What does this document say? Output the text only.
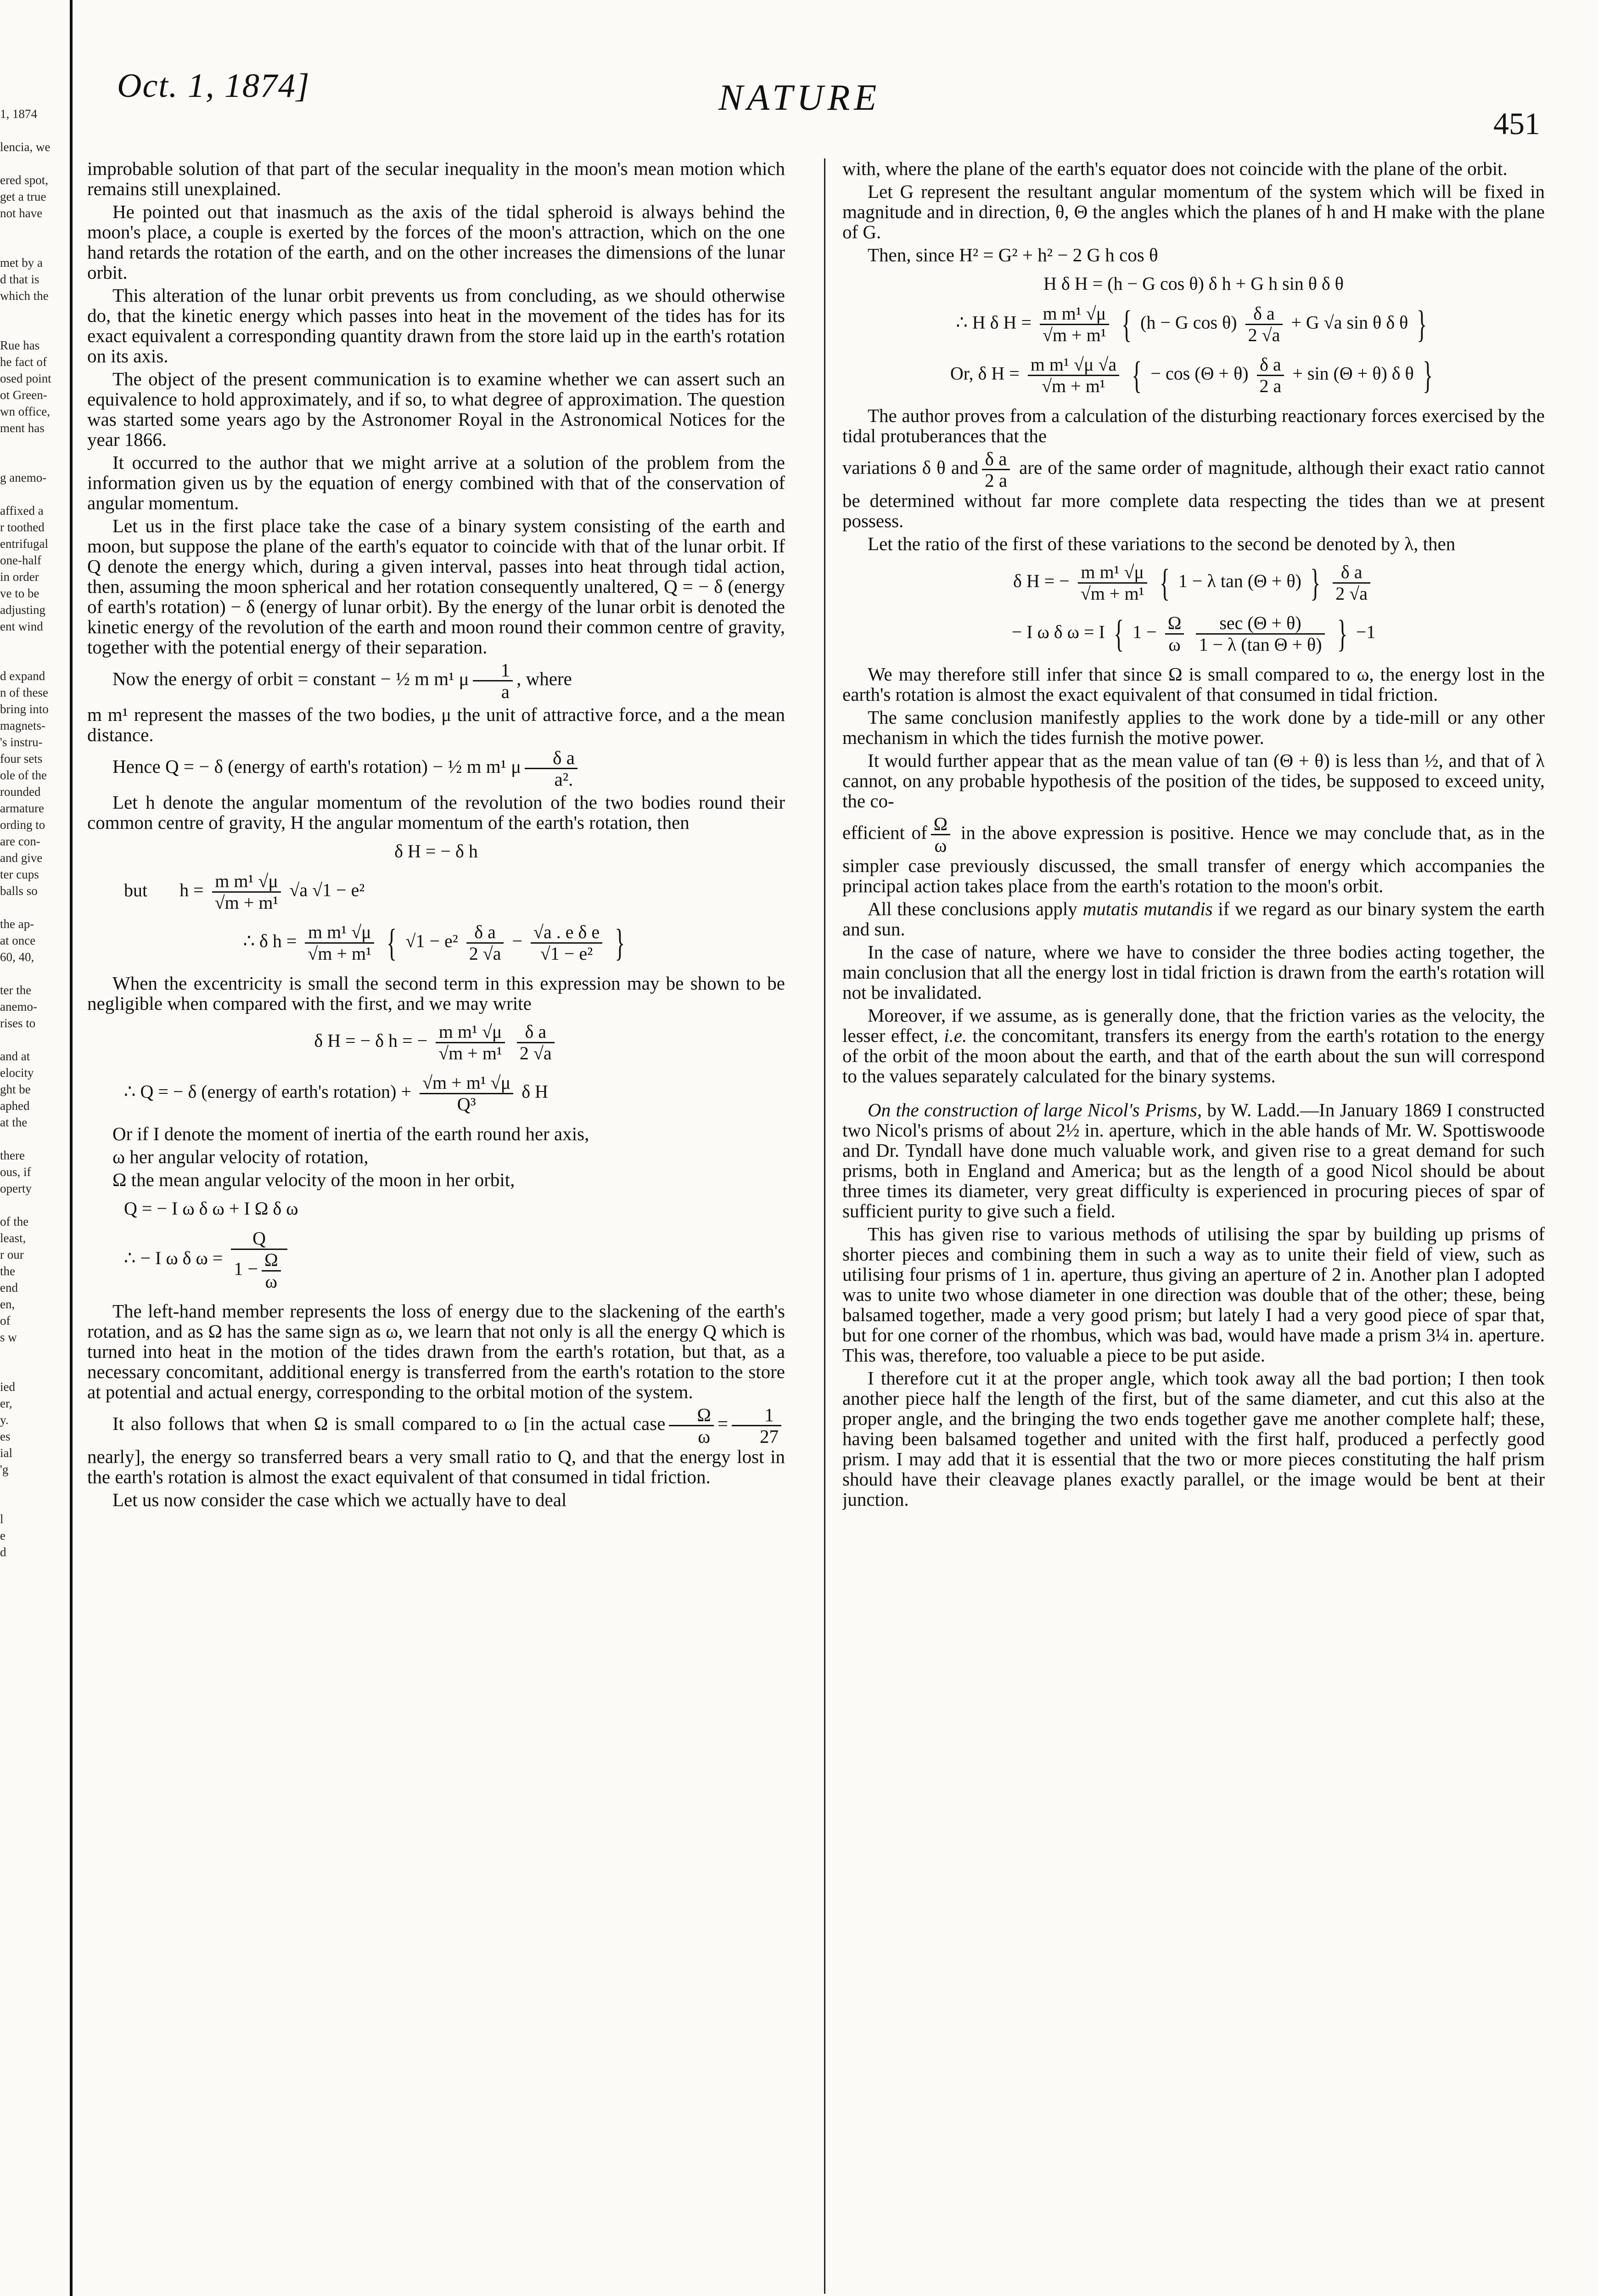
1, 1874
lencia, we
ered spot,
get a true
not have
met by a
d that is
which the
Rue has
he fact of
osed point
ot Green-
wn office,
ment has
g anemo-
affixed a
r toothed
entrifugal
one-half
in order
ve to be
adjusting
ent wind
d expand
n of these
bring into
magnets-
's instru-
four sets
ole of the
rounded
armature
ording to
are con-
and give
ter cups
balls so
the ap-
at once
60, 40,
ter the
anemo-
rises to
and at
elocity
ght be
aphed
at the
there
ous, if
operty
of the
least,
r our
the
end
en,
of
s w
ied
er,
y.
es
ial
'g
l
e
d
Oct. 1, 1874]	NATURE
451

improbable solution of that part of the secular inequality in the moon's mean motion which remains still unexplained.

He pointed out that inasmuch as the axis of the tidal spheroid is always behind the moon's place, a couple is exerted by the forces of the moon's attraction, which on the one hand retards the rotation of the earth, and on the other increases the dimensions of the lunar orbit.

This alteration of the lunar orbit prevents us from concluding, as we should otherwise do, that the kinetic energy which passes into heat in the movement of the tides has for its exact equivalent a corresponding quantity drawn from the store laid up in the earth's rotation on its axis.

The object of the present communication is to examine whether we can assert such an equivalence to hold approximately, and if so, to what degree of approximation. The question was started some years ago by the Astronomer Royal in the Astronomical Notices for the year 1866.

It occurred to the author that we might arrive at a solution of the problem from the information given us by the equation of energy combined with that of the conservation of angular momentum.

Let us in the first place take the case of a binary system consisting of the earth and moon, but suppose the plane of the earth's equator to coincide with that of the lunar orbit. If Q denote the energy which, during a given interval, passes into heat through tidal action, then, assuming the moon spherical and her rotation consequently unaltered, Q = − δ (energy of earth's rotation) − δ (energy of lunar orbit). By the energy of the lunar orbit is denoted the kinetic energy of the revolution of the earth and moon round their common centre of gravity, together with the potential energy of their separation.

Now the energy of orbit = constant − ½ m m¹ μ $\frac{1}{a}$ , where

m m¹ represent the masses of the two bodies, μ the unit of attractive force, and a the mean distance.

Hence Q = − δ (energy of earth's rotation) − ½ m m¹ μ $\frac{\text{δ a}}{\text{a².}}$

Let h denote the angular momentum of the revolution of the two bodies round their common centre of gravity, H the angular momentum of the earth's rotation, then

δ H = − δ h
but $h = \frac{\text{m m¹ √μ}}{\text{√m + m¹}} √a$ √1 − e²
∴ δ $h = \frac{\text{m m¹ √μ}}{\text{√m + m¹}}$ { $√1 - e^2 \frac{\text{δ a}}{2 √a} - \frac{\text{√a . e δ e}}{\text{√1 − e²}}$ }

When the excentricity is small the second term in this expression may be shown to be negligible when compared with the first, and we may write

δ H = − δ h = − $\frac{\text{m m¹ √μ}}{\text{√m + m¹}}$
$\frac{\text{δ a}}{2 √a}$
∴ Q = − δ (energy of earth's rotation) + $\frac{\text{√m + m¹ √μ}}{\text{Q³}}$ δ H

Or if I denote the moment of inertia of the earth round her axis,

ω her angular velocity of rotation,

Ω the mean angular velocity of the moon in her orbit,

Q = − I ω δ ω + I Ω δ ω
∴ − I ω δ $\omega = \frac{Q}{1 - \frac{\Omega}{\omega}}$

The left-hand member represents the loss of energy due to the slackening of the earth's rotation, and as Ω has the same sign as ω, we learn that not only is all the energy Q which is turned into heat in the motion of the tides drawn from the earth's rotation, but that, as a necessary concomitant, additional energy is transferred from the earth's rotation to the store at potential and actual energy, corresponding to the orbital motion of the system.

It also follows that when Ω is small compared to ω [in the actual case $\frac{\Omega}{\omega} = \frac{1}{27}$
nearly], the energy so transferred bears a very small ratio to Q, and that the energy lost in the earth's rotation is almost the exact equivalent of that consumed in tidal friction.

Let us now consider the case which we actually have to deal

with, where the plane of the earth's equator does not coincide with the plane of the orbit.

Let G represent the resultant angular momentum of the system which will be fixed in magnitude and in direction, θ, Θ the angles which the planes of h and H make with the plane of G.

Then, since H² = G² + h² − 2 G h cos θ

H δ H = (h − G cos θ) δ h + G h sin θ δ θ
∴ H δ $H = \frac{\text{m m¹ √μ}}{\text{√m + m¹}}$ { (h − G $\cos \theta) \frac{\text{δ a}}{2 √a} + G$ √a sin θ δ θ }
Or, δ $H = \frac{\text{m m¹ √μ √a}}{\text{√m + m¹}}$ { − $\cos (\Theta + \theta) \frac{\text{δ a}}{2 a} + \sin (\Theta + \theta)$ δ θ }

The author proves from a calculation of the disturbing reactionary forces exercised by the tidal protuberances that the

variations δ θ and $\frac{\text{δ a}}{2 a}$ are of the same order of magnitude, although their exact ratio cannot be determined without far more complete data respecting the tides than we at present possess.

Let the ratio of the first of these variations to the second be denoted by λ, then

δ H = − $\frac{\text{m m¹ √μ}}{\text{√m + m¹}}$ { 1 − λ tan (Θ + θ) } $\frac{\text{δ a}}{2 √a}$
− I ω δ ω = I { $1 - \frac{\Omega}{\omega}$
$\frac{\sec (\Theta + \theta)}{\text{1 − λ (tan Θ + θ)}}$ } −1

We may therefore still infer that since Ω is small compared to ω, the energy lost in the earth's rotation is almost the exact equivalent of that consumed in tidal friction.

The same conclusion manifestly applies to the work done by a tide-mill or any other mechanism in which the tides furnish the motive power.

It would further appear that as the mean value of tan (Θ + θ) is less than ½, and that of λ cannot, on any probable hypothesis of the position of the tides, be supposed to exceed unity, the co-

efficient of $\frac{\Omega}{\omega}$ in the above expression is positive. Hence we may conclude that, as in the simpler case previously discussed, the small transfer of energy which accompanies the principal action takes place from the earth's rotation to the moon's orbit.

All these conclusions apply mutatis mutandis if we regard as our binary system the earth and sun.

In the case of nature, where we have to consider the three bodies acting together, the main conclusion that all the energy lost in tidal friction is drawn from the earth's rotation will not be invalidated.

Moreover, if we assume, as is generally done, that the friction varies as the velocity, the lesser effect, i.e. the concomitant, transfers its energy from the earth's rotation to the energy of the orbit of the moon about the earth, and that of the earth about the sun will correspond to the values separately calculated for the binary systems.

On the construction of large Nicol's Prisms, by W. Ladd.—In January 1869 I constructed two Nicol's prisms of about 2½ in. aperture, which in the able hands of Mr. W. Spottiswoode and Dr. Tyndall have done much valuable work, and given rise to a great demand for such prisms, both in England and America; but as the length of a good Nicol should be about three times its diameter, very great difficulty is experienced in procuring pieces of spar of sufficient purity to give such a field.

This has given rise to various methods of utilising the spar by building up prisms of shorter pieces and combining them in such a way as to unite their field of view, such as utilising four prisms of 1 in. aperture, thus giving an aperture of 2 in. Another plan I adopted was to unite two whose diameter in one direction was double that of the other; these, being balsamed together, made a very good prism; but lately I had a very good piece of spar that, but for one corner of the rhombus, which was bad, would have made a prism 3¼ in. aperture. This was, therefore, too valuable a piece to be put aside.

I therefore cut it at the proper angle, which took away all the bad portion; I then took another piece half the length of the first, but of the same diameter, and cut this also at the proper angle, and the bringing the two ends together gave me another complete half; these, having been balsamed together and united with the first half, produced a perfectly good prism. I may add that it is essential that the two or more pieces constituting the half prism should have their cleavage planes exactly parallel, or the image would be bent at their junction.
